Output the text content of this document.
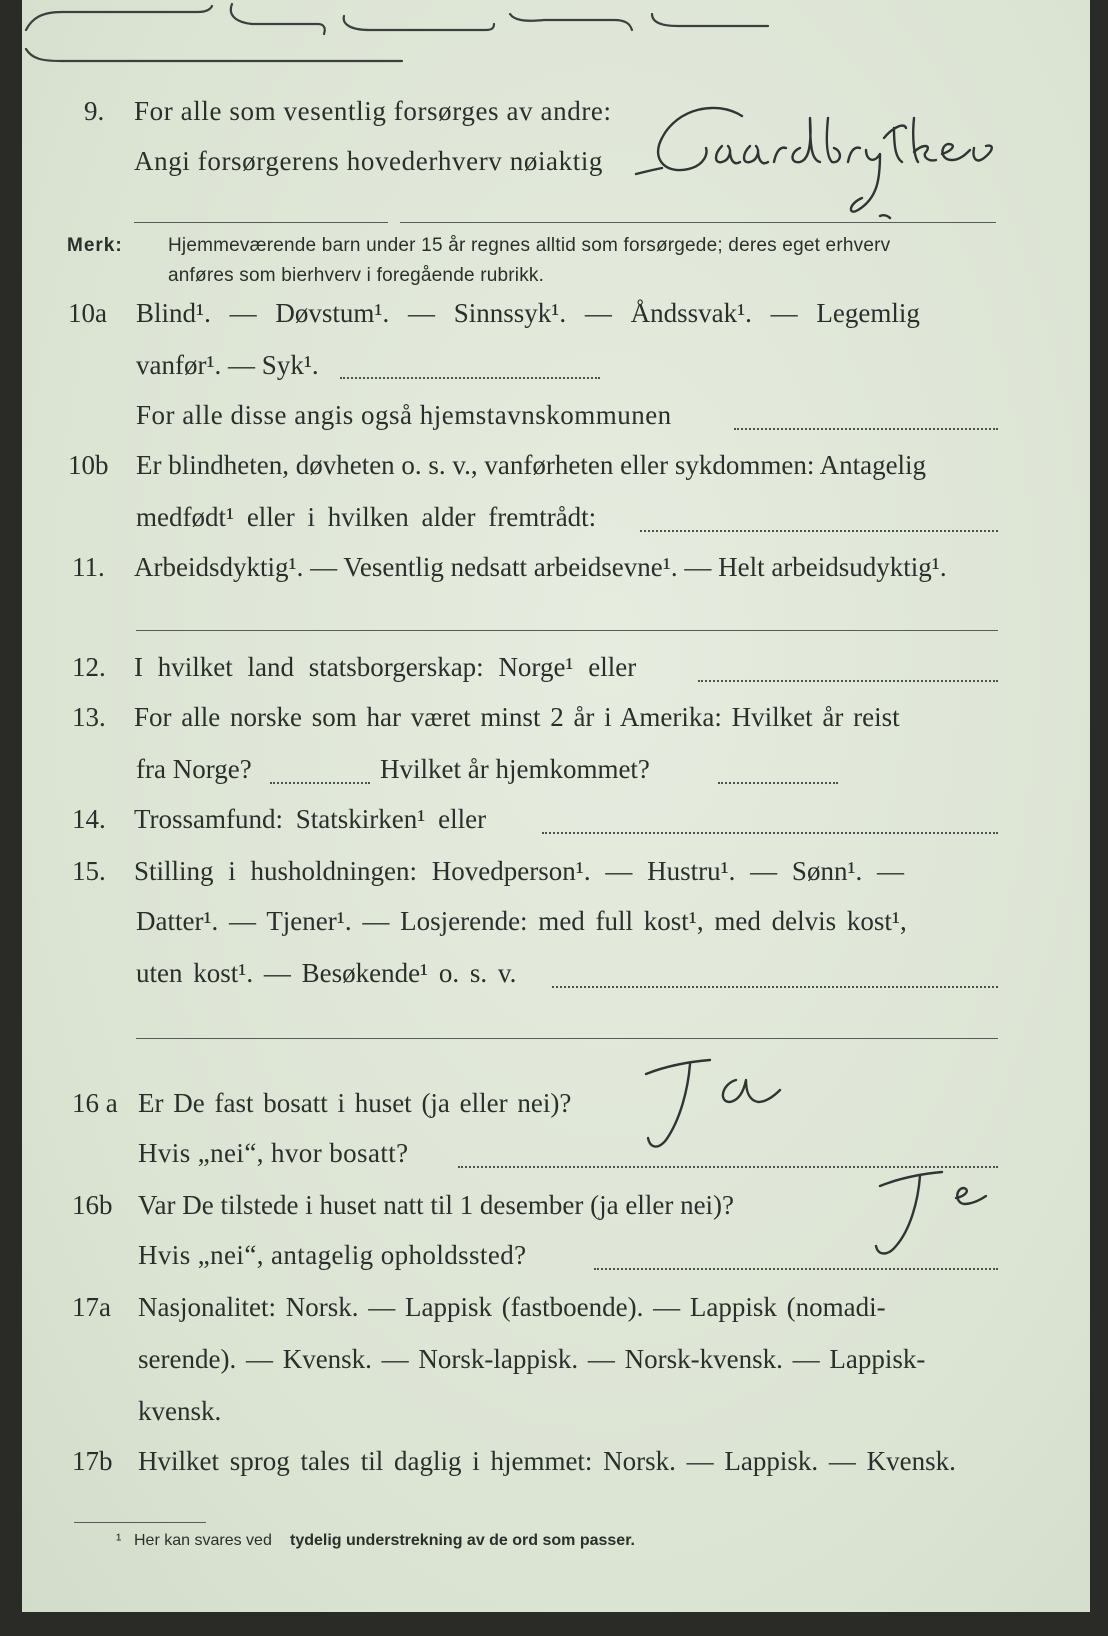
9. For alle som vesentlig forsørges av andre:
Angi forsørgerens hovederhverv nøiaktig
Merk: Hjemmeværende barn under 15 år regnes alltid som forsørgede; deres eget erhverv
anføres som bierhverv i foregående rubrikk.
10a Blind¹. — Døvstum¹. — Sinnssyk¹. — Åndssvak¹. — Legemlig
vanfør¹. — Syk¹.
For alle disse angis også hjemstavnskommunen
10b Er blindheten, døvheten o. s. v., vanførheten eller sykdommen: Antagelig
medfødt¹ eller i hvilken alder fremtrådt:
11. Arbeidsdyktig¹. — Vesentlig nedsatt arbeidsevne¹. — Helt arbeidsudyktig¹.

12. I hvilket land statsborgerskap: Norge¹ eller

13. For alle norske som har været minst 2 år i Amerika: Hvilket år reist
fra Norge?	Hvilket år hjemkommet?
14. Trossamfund: Statskirken¹ eller

15. Stilling i husholdningen: Hovedperson¹. — Hustru¹. — Sønn¹. —
Datter¹. — Tjener¹. — Losjerende: med full kost¹, med delvis kost¹,

uten kost¹. — Besøkende¹ o. s. v.
16 a Er De fast bosatt i huset (ja eller nei)?
Hvis „nei“, hvor bosatt?
16b Var De tilstede i huset natt til 1 desember (ja eller nei)?
Hvis „nei“, antagelig opholdssted?
17a Nasjonalitet: Norsk. — Lappisk (fastboende). — Lappisk (nomadi-

serende). — Kvensk. — Norsk-lappisk. — Norsk-kvensk. — Lappisk-
kvensk.
17b Hvilket sprog tales til daglig i hjemmet: Norsk. — Lappisk. — Kvensk.
¹ Her kan svares ved tydelig understrekning av de ord som passer.
